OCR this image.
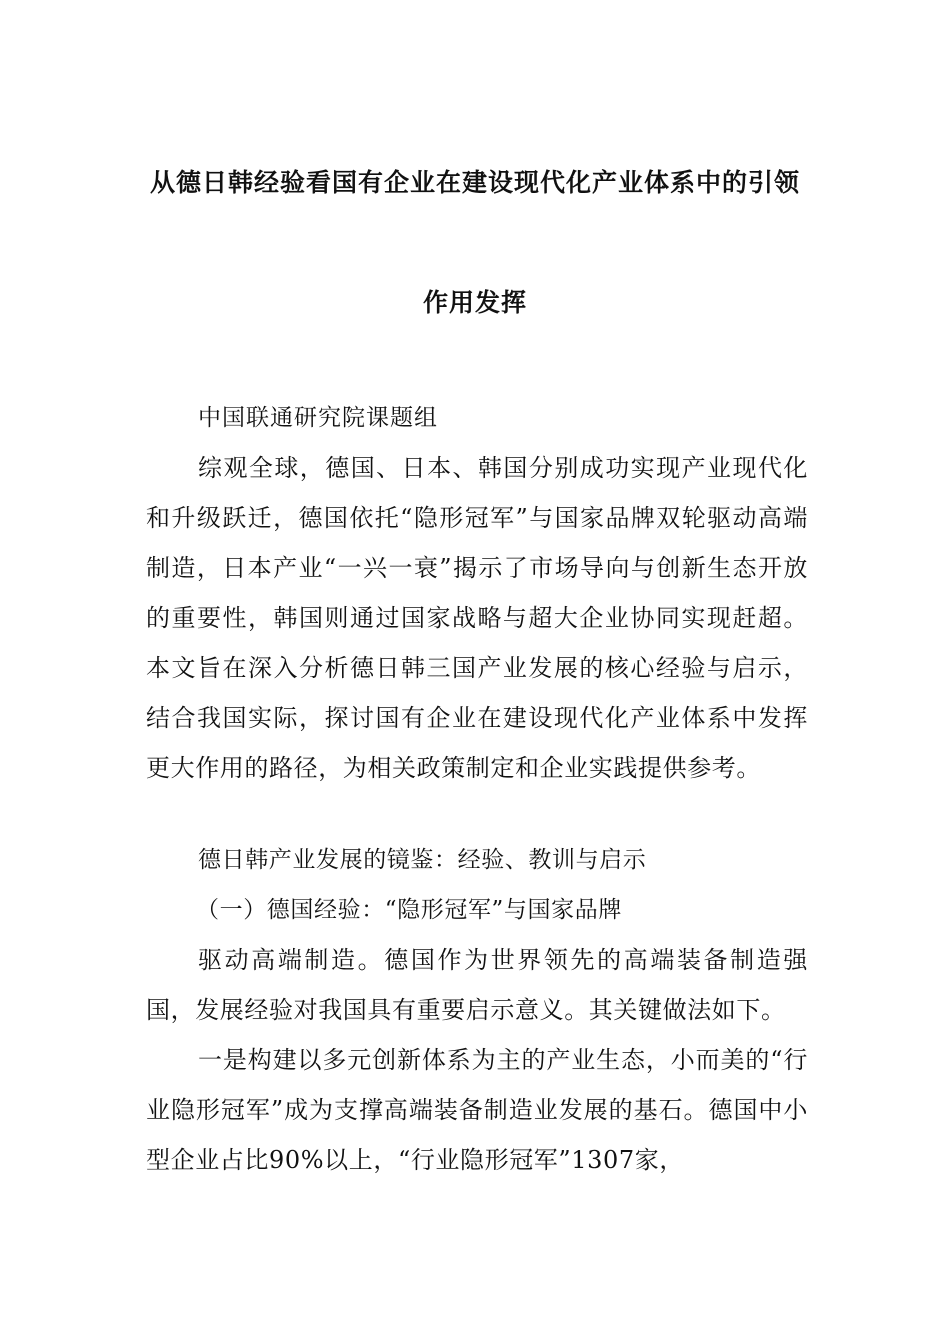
从德日韩经验看国有企业在建设现代化产业体系中的引领
作用发挥
中国联通研究院课题组

综观全球，德国、日本、韩国分别成功实现产业现代化和升级跃迁，德国依托“隐形冠军”与国家品牌双轮驱动高端制造，日本产业“一兴一衰”揭示了市场导向与创新生态开放的重要性，韩国则通过国家战略与超大企业协同实现赶超。本文旨在深入分析德日韩三国产业发展的核心经验与启示，结合我国实际，探讨国有企业在建设现代化产业体系中发挥更大作用的路径，为相关政策制定和企业实践提供参考。

德日韩产业发展的镜鉴：经验、教训与启示
（一）德国经验：“隐形冠军”与国家品牌

驱动高端制造。德国作为世界领先的高端装备制造强国，发展经验对我国具有重要启示意义。其关键做法如下。

一是构建以多元创新体系为主的产业生态，小而美的“行业隐形冠军”成为支撑高端装备制造业发展的基石。德国中小型企业占比90%以上，“行业隐形冠军”1307家，
